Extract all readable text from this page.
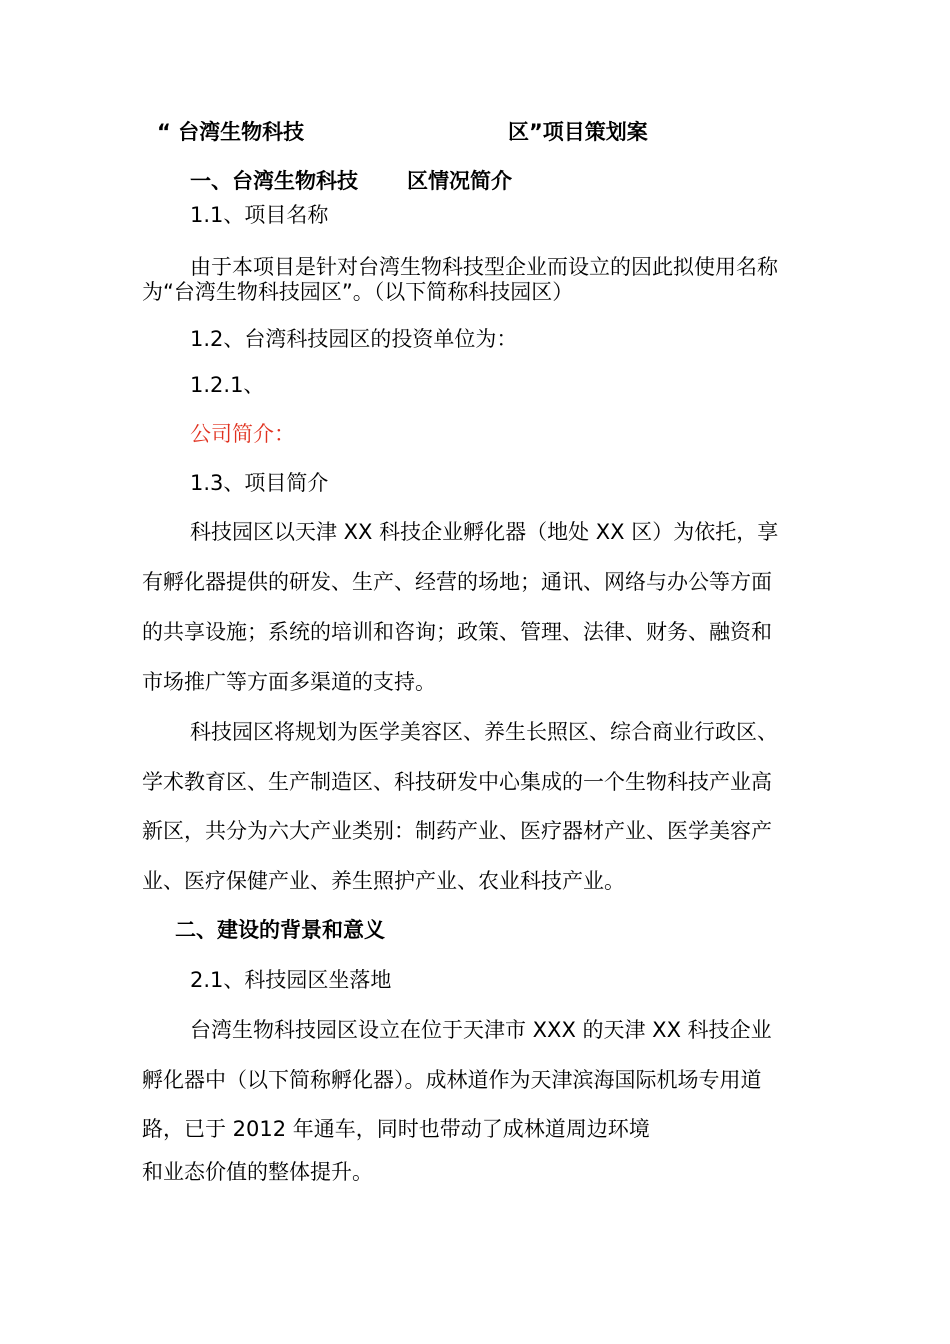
“ 台湾生物科技	区”项目策划案
一、台湾生物科技 区情况简介
1.1、项目名称
由于本项目是针对台湾生物科技型企业而设立的因此拟使用名称
为“台湾生物科技园区”。（以下简称科技园区）
1.2、台湾科技园区的投资单位为：
1.2.1、
公司简介：
1.3、项目简介
科技园区以天津 XX 科技企业孵化器（地处 XX 区）为依托，享
有孵化器提供的研发、生产、经营的场地；通讯、网络与办公等方面
的共享设施；系统的培训和咨询；政策、管理、法律、财务、融资和
市场推广等方面多渠道的支持。
科技园区将规划为医学美容区、养生长照区、综合商业行政区、
学术教育区、生产制造区、科技研发中心集成的一个生物科技产业高
新区，共分为六大产业类别：制药产业、医疗器材产业、医学美容产
业、医疗保健产业、养生照护产业、农业科技产业。
二、建设的背景和意义
2.1、科技园区坐落地
台湾生物科技园区设立在位于天津市 XXX 的天津 XX 科技企业
孵化器中（以下简称孵化器）。成林道作为天津滨海国际机场专用道
路，已于 2012 年通车，同时也带动了成林道周边环境
和业态价值的整体提升。
